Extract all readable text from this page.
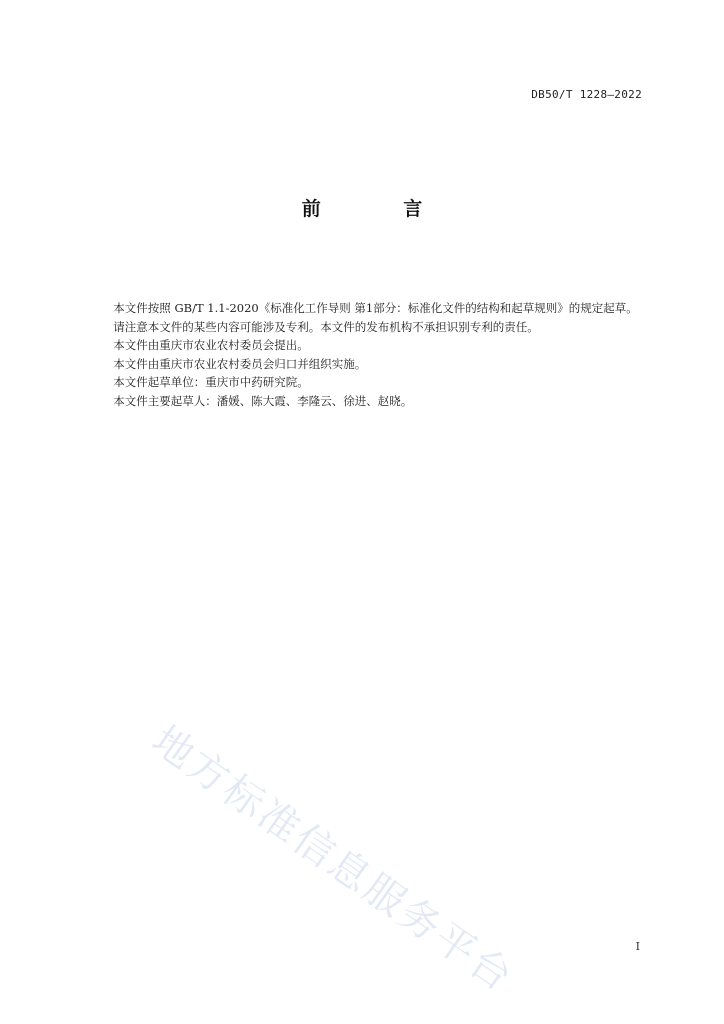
DB50/T 1228—2022
前 言

本文件按照 GB/T 1.1-2020《标准化工作导则 第1部分：标准化文件的结构和起草规则》的规定起草。

请注意本文件的某些内容可能涉及专利。本文件的发布机构不承担识别专利的责任。

本文件由重庆市农业农村委员会提出。

本文件由重庆市农业农村委员会归口并组织实施。

本文件起草单位：重庆市中药研究院。

本文件主要起草人：潘媛、陈大霞、李隆云、徐进、赵晓。

地方标准信息服务平台	I
